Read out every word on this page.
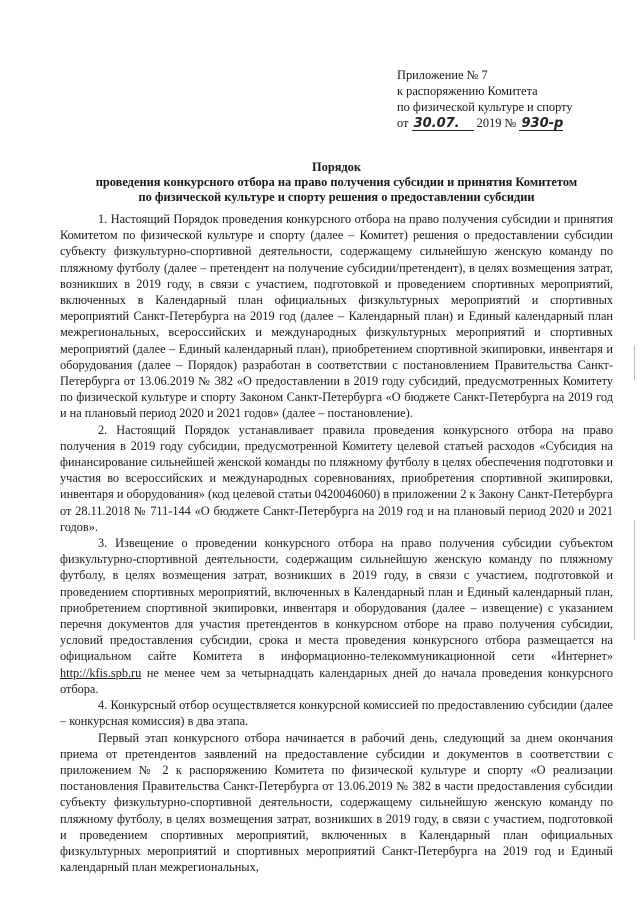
Приложение № 7
к распоряжению Комитета
по физической культуре и спорту
от 30.07. 2019 № 930-р
Порядок
проведения конкурсного отбора на право получения субсидии и принятия Комитетом
по физической культуре и спорту решения о предоставлении субсидии

1. Настоящий Порядок проведения конкурсного отбора на право получения субсидии и принятия Комитетом по физической культуре и спорту (далее – Комитет) решения о предоставлении субсидии субъекту физкультурно-спортивной деятельности, содержащему сильнейшую женскую команду по пляжному футболу (далее – претендент на получение субсидии/претендент), в целях возмещения затрат, возникших в 2019 году, в связи с участием, подготовкой и проведением спортивных мероприятий, включенных в Календарный план официальных физкультурных мероприятий и спортивных мероприятий Санкт-Петербурга на 2019 год (далее – Календарный план) и Единый календарный план межрегиональных, всероссийских и международных физкультурных мероприятий и спортивных мероприятий (далее – Единый календарный план), приобретением спортивной экипировки, инвентаря и оборудования (далее – Порядок) разработан в соответствии с постановлением Правительства Санкт-Петербурга от 13.06.2019 № 382 «О предоставлении в 2019 году субсидий, предусмотренных Комитету по физической культуре и спорту Законом Санкт-Петербурга «О бюджете Санкт-Петербурга на 2019 год и на плановый период 2020 и 2021 годов» (далее – постановление).

2. Настоящий Порядок устанавливает правила проведения конкурсного отбора на право получения в 2019 году субсидии, предусмотренной Комитету целевой статьей расходов «Субсидия на финансирование сильнейшей женской команды по пляжному футболу в целях обеспечения подготовки и участия во всероссийских и международных соревнованиях, приобретения спортивной экипировки, инвентаря и оборудования» (код целевой статьи 0420046060) в приложении 2 к Закону Санкт-Петербурга от 28.11.2018 № 711-144 «О бюджете Санкт-Петербурга на 2019 год и на плановый период 2020 и 2021 годов».

3. Извещение о проведении конкурсного отбора на право получения субсидии субъектом физкультурно-спортивной деятельности, содержащим сильнейшую женскую команду по пляжному футболу, в целях возмещения затрат, возникших в 2019 году, в связи с участием, подготовкой и проведением спортивных мероприятий, включенных в Календарный план и Единый календарный план, приобретением спортивной экипировки, инвентаря и оборудования (далее – извещение) с указанием перечня документов для участия претендентов в конкурсном отборе на право получения субсидии, условий предоставления субсидии, срока и места проведения конкурсного отбора размещается на официальном сайте Комитета в информационно-телекоммуникационной сети «Интернет» http://kfis.spb.ru не менее чем за четырнадцать календарных дней до начала проведения конкурсного отбора.

4. Конкурсный отбор осуществляется конкурсной комиссией по предоставлению субсидии (далее – конкурсная комиссия) в два этапа.

Первый этап конкурсного отбора начинается в рабочий день, следующий за днем окончания приема от претендентов заявлений на предоставление субсидии и документов в соответствии с приложением № 2 к распоряжению Комитета по физической культуре и спорту «О реализации постановления Правительства Санкт-Петербурга от 13.06.2019 № 382 в части предоставления субсидии субъекту физкультурно-спортивной деятельности, содержащему сильнейшую женскую команду по пляжному футболу, в целях возмещения затрат, возникших в 2019 году, в связи с участием, подготовкой и проведением спортивных мероприятий, включенных в Календарный план официальных физкультурных мероприятий и спортивных мероприятий Санкт-Петербурга на 2019 год и Единый календарный план межрегиональных,
